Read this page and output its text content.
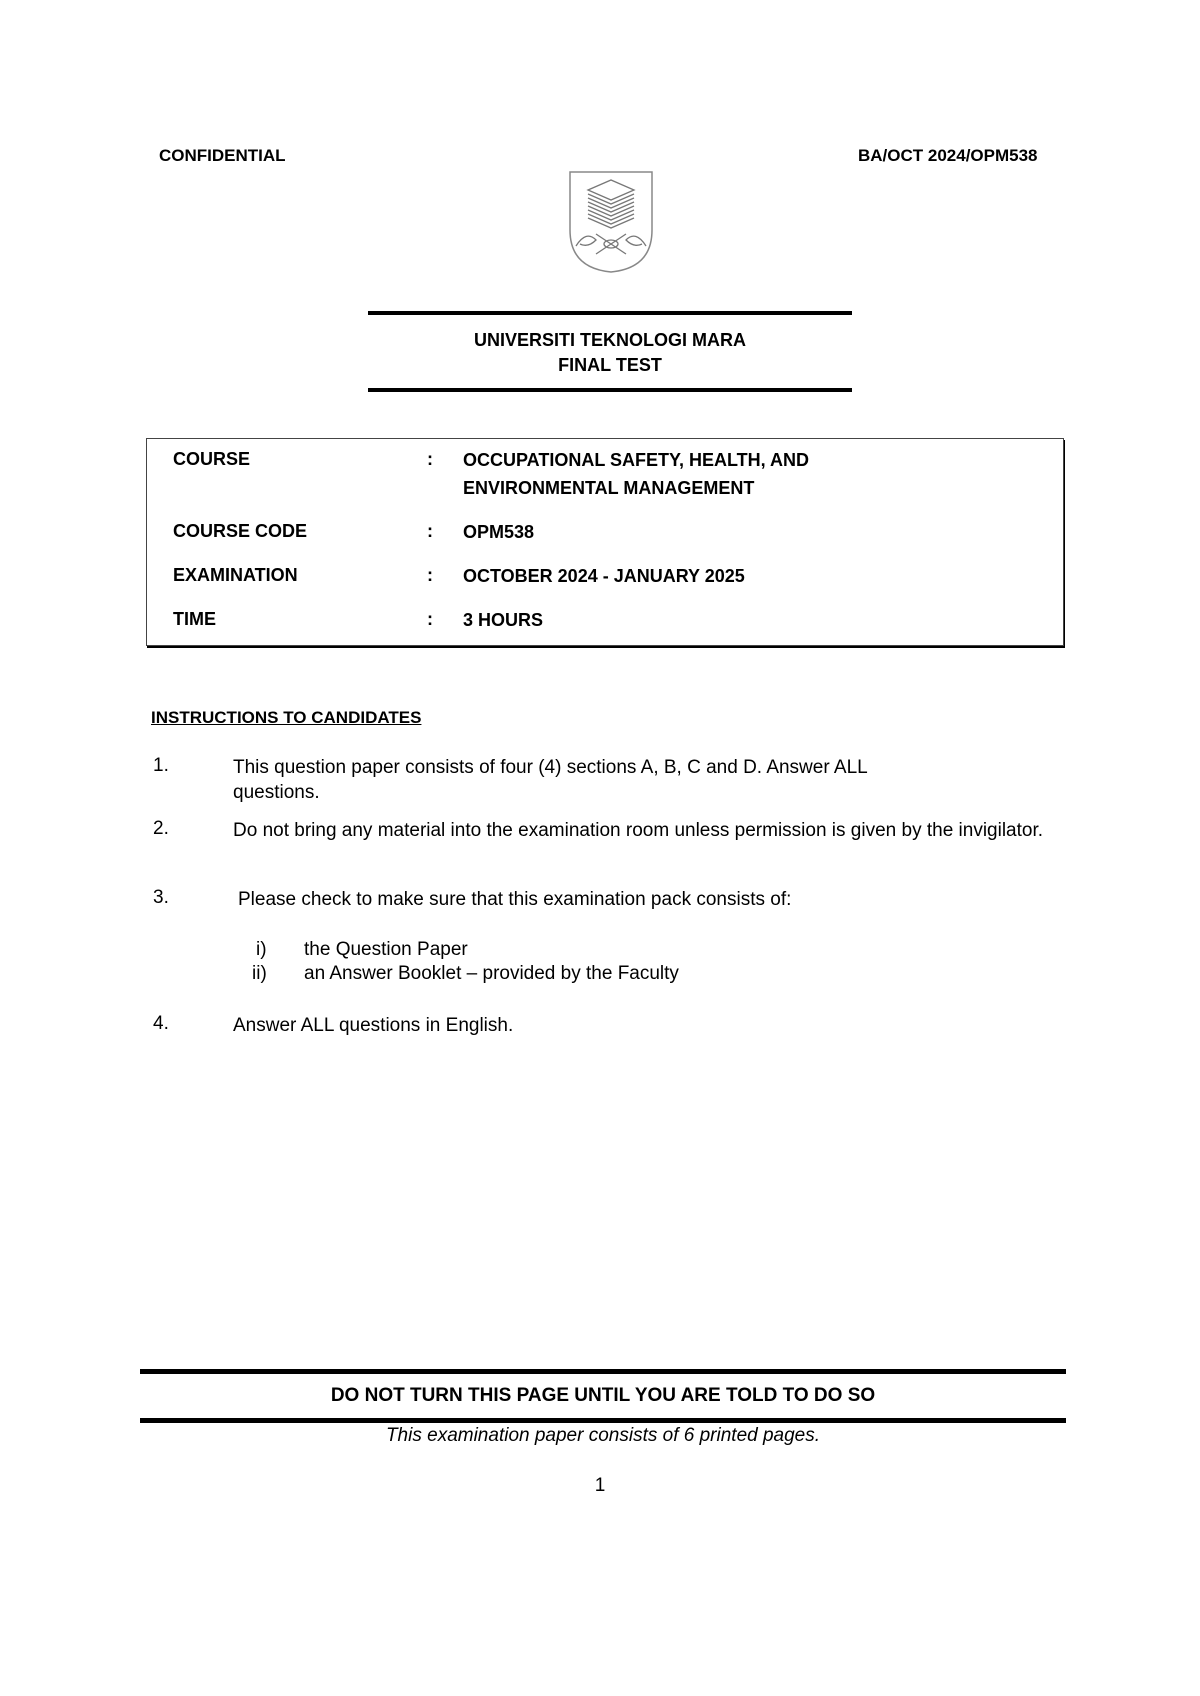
CONFIDENTIAL	BA/OCT 2024/OPM538
UNIVERSITI TEKNOLOGI MARA
FINAL TEST
COURSE	: OCCUPATIONAL SAFETY, HEALTH, AND
ENVIRONMENTAL MANAGEMENT
COURSE CODE	: OPM538
EXAMINATION	: OCTOBER 2024 - JANUARY 2025
TIME	: 3 HOURS
INSTRUCTIONS TO CANDIDATES
1.	This question paper consists of four (4) sections A, B, C and D. Answer ALL
questions.
2.	Do not bring any material into the examination room unless permission is given by the invigilator.
3.	Please check to make sure that this examination pack consists of:
i) the Question Paper
ii) an Answer Booklet – provided by the Faculty
4.	Answer ALL questions in English.
DO NOT TURN THIS PAGE UNTIL YOU ARE TOLD TO DO SO
This examination paper consists of 6 printed pages.
1
